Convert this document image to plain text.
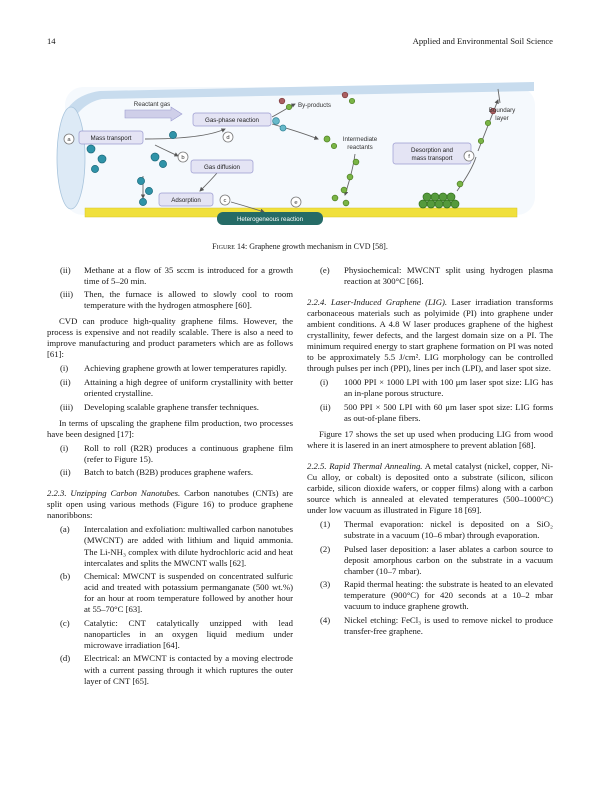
14	Applied and Environmental Soil Science
Mass transport
Gas-phase reaction
Gas diffusion
Adsorption
Desorption and
mass transport
Heterogeneous reaction
Reactant gas	By-products
Intermediate
reactants
Boundary
layer
a
b
c
d
e
f
Figure 14: Graphene growth mechanism in CVD [58].
(ii) Methane at a flow of 35 sccm is introduced for a growth time of 5–20 min.
(iii) Then, the furnace is allowed to slowly cool to room temperature with the hydrogen atmosphere [60].

CVD can produce high-quality graphene films. However, the process is expensive and not readily scalable. There is also a need to improve manufacturing and product parameters which are as follows [61]:

(i) Achieving graphene growth at lower temperatures rapidly.
(ii) Attaining a high degree of uniform crystallinity with better oriented crystalline.
(iii) Developing scalable graphene transfer techniques.

In terms of upscaling the graphene film production, two processes have been designed [17]:

(i) Roll to roll (R2R) produces a continuous graphene film (refer to Figure 15).
(ii) Batch to batch (B2B) produces graphene wafers.

2.2.3. Unzipping Carbon Nanotubes. Carbon nanotubes (CNTs) are split open using various methods (Figure 16) to produce graphene nanoribbons:

(a) Intercalation and exfoliation: multiwalled carbon nanotubes (MWCNT) are added with lithium and liquid ammonia. The Li-NH₃ complex with dilute hydrochloric acid and heat intercalates and splits the MWCNT walls [62].
(b) Chemical: MWCNT is suspended on concentrated sulfuric acid and treated with potassium permanganate (500 wt.%) for an hour at room temperature followed by another hour at 55–70°C [63].
(c) Catalytic: CNT catalytically unzipped with lead nanoparticles in an oxygen liquid medium under microwave irradiation [64].
(d) Electrical: an MWCNT is contacted by a moving electrode with a current passing through it which ruptures the outer layer of CNT [65].
(e) Physiochemical: MWCNT split using hydrogen plasma reaction at 300°C [66].

2.2.4. Laser-Induced Graphene (LIG). Laser irradiation transforms carbonaceous materials such as polyimide (PI) into graphene under ambient conditions. A 4.8 W laser produces graphene of the highest crystallinity, fewer defects, and the largest domain size on a PI. The minimum required energy to start graphene formation on PI was noted to be approximately 5.5 J/cm². LIG morphology can be controlled through pulses per inch (PPI), lines per inch (LPI), and laser spot size.

(i) 1000 PPI × 1000 LPI with 100 μm laser spot size: LIG has an in-plane porous structure.
(ii) 500 PPI × 500 LPI with 60 μm laser spot size: LIG forms as out-of-plane fibers.

Figure 17 shows the set up used when producing LIG from wood where it is lasered in an inert atmosphere to prevent ablation [68].

2.2.5. Rapid Thermal Annealing. A metal catalyst (nickel, copper, Ni-Cu alloy, or cobalt) is deposited onto a substrate (silicon, silicon carbide, silicon dioxide wafers, or copper films) along with a carbon source which is annealed at elevated temperatures (500–1000°C) under low vacuum as illustrated in Figure 18 [69].

(1) Thermal evaporation: nickel is deposited on a SiO₂ substrate in a vacuum (10–6 mbar) through evaporation.
(2) Pulsed laser deposition: a laser ablates a carbon source to deposit amorphous carbon on the substrate in a vacuum chamber (10–7 mbar).
(3) Rapid thermal heating: the substrate is heated to an elevated temperature (900°C) for 420 seconds at a 10–2 mbar vacuum to induce graphene growth.
(4) Nickel etching: FeCl₃ is used to remove nickel to produce transfer-free graphene.
